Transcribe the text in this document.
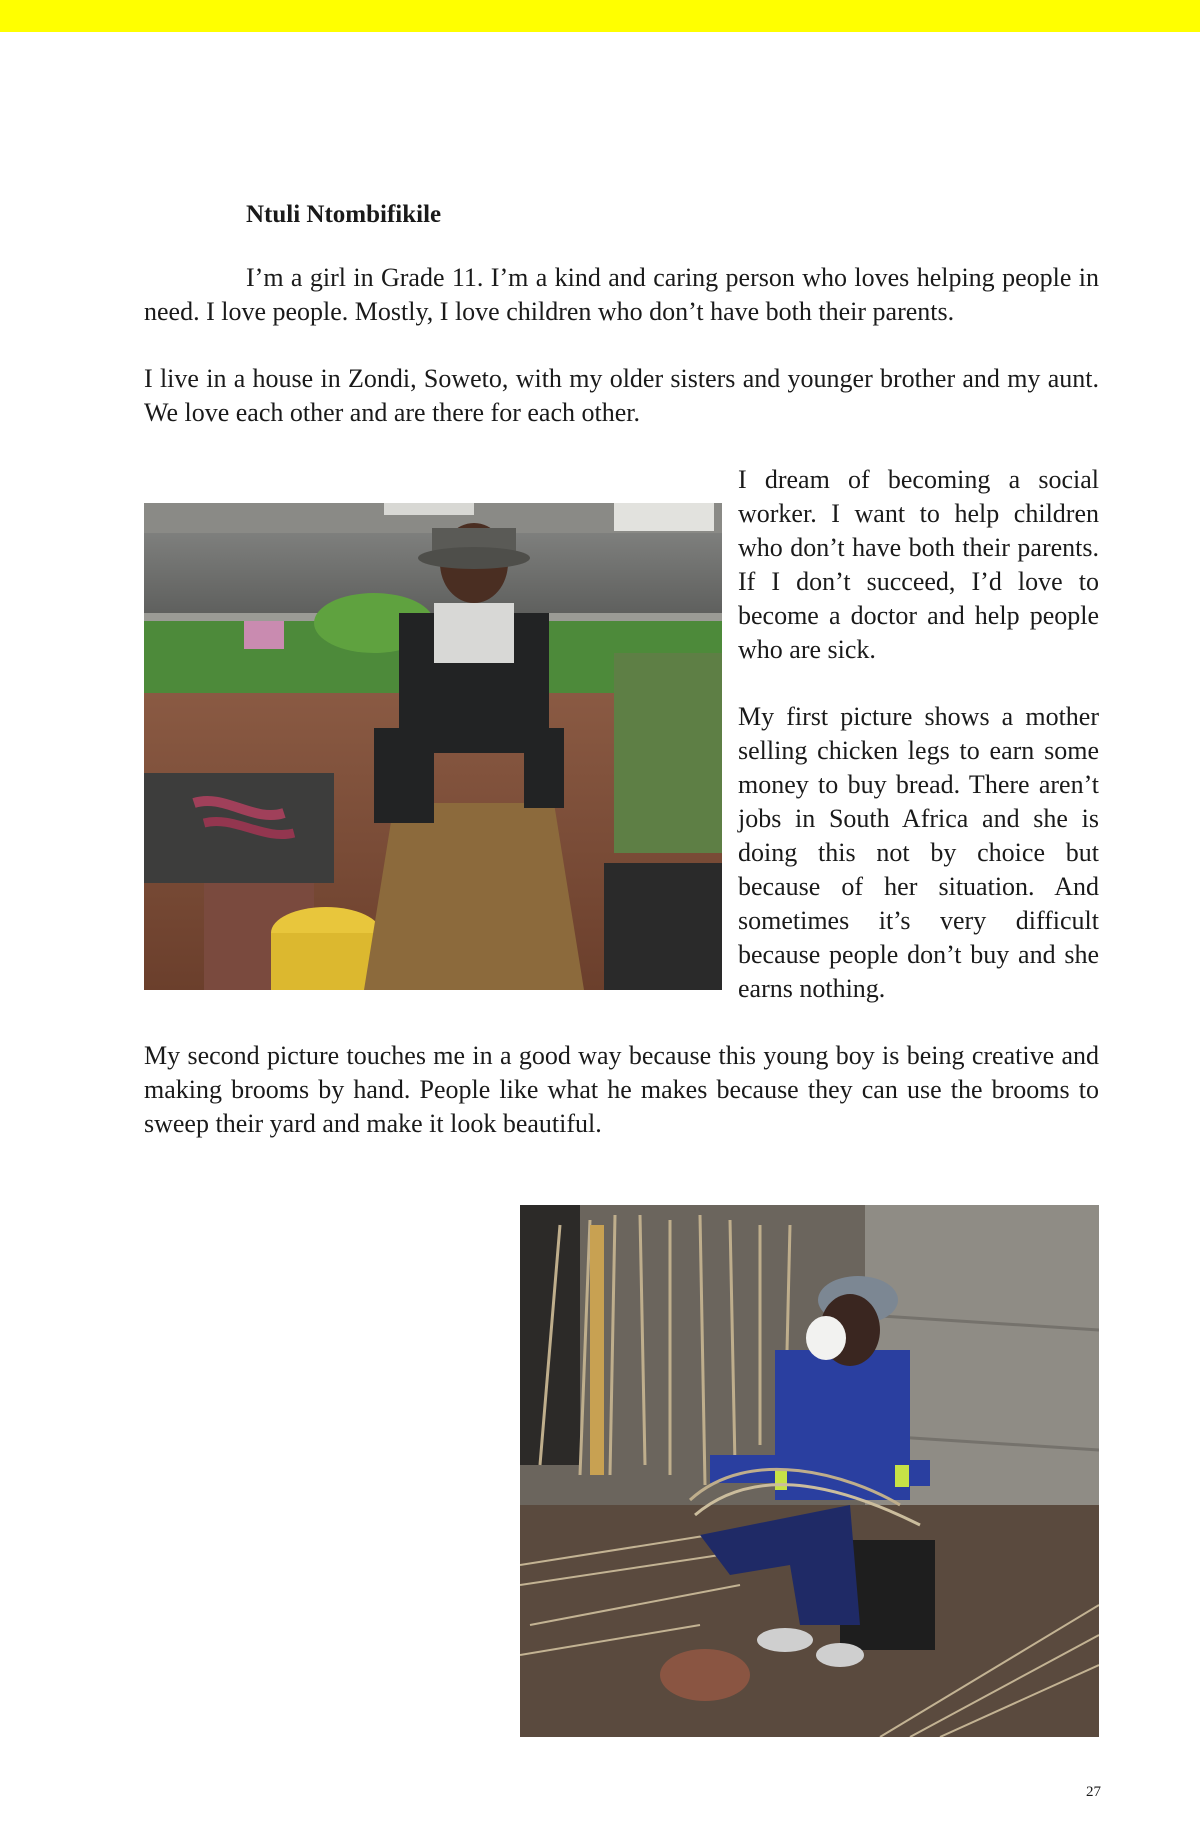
Ntuli Ntombifikile

I’m a girl in Grade 11. I’m a kind and caring person who loves helping people in need. I love people. Mostly, I love children who don’t have both their parents.

I live in a house in Zondi, Soweto, with my older sisters and younger brother and my aunt. We love each other and are there for each other.

I dream of becoming a social worker. I want to help children who don’t have both their parents. If I don’t succeed, I’d love to become a doctor and help people who are sick.

My first picture shows a mother selling chicken legs to earn some money to buy bread. There aren’t jobs in South Africa and she is doing this not by choice but because of her situation. And sometimes it’s very difficult because people don’t buy and she earns nothing.

My second picture touches me in a good way because this young boy is being creative and making brooms by hand. People like what he makes because they can use the brooms to sweep their yard and make it look beautiful.

27
